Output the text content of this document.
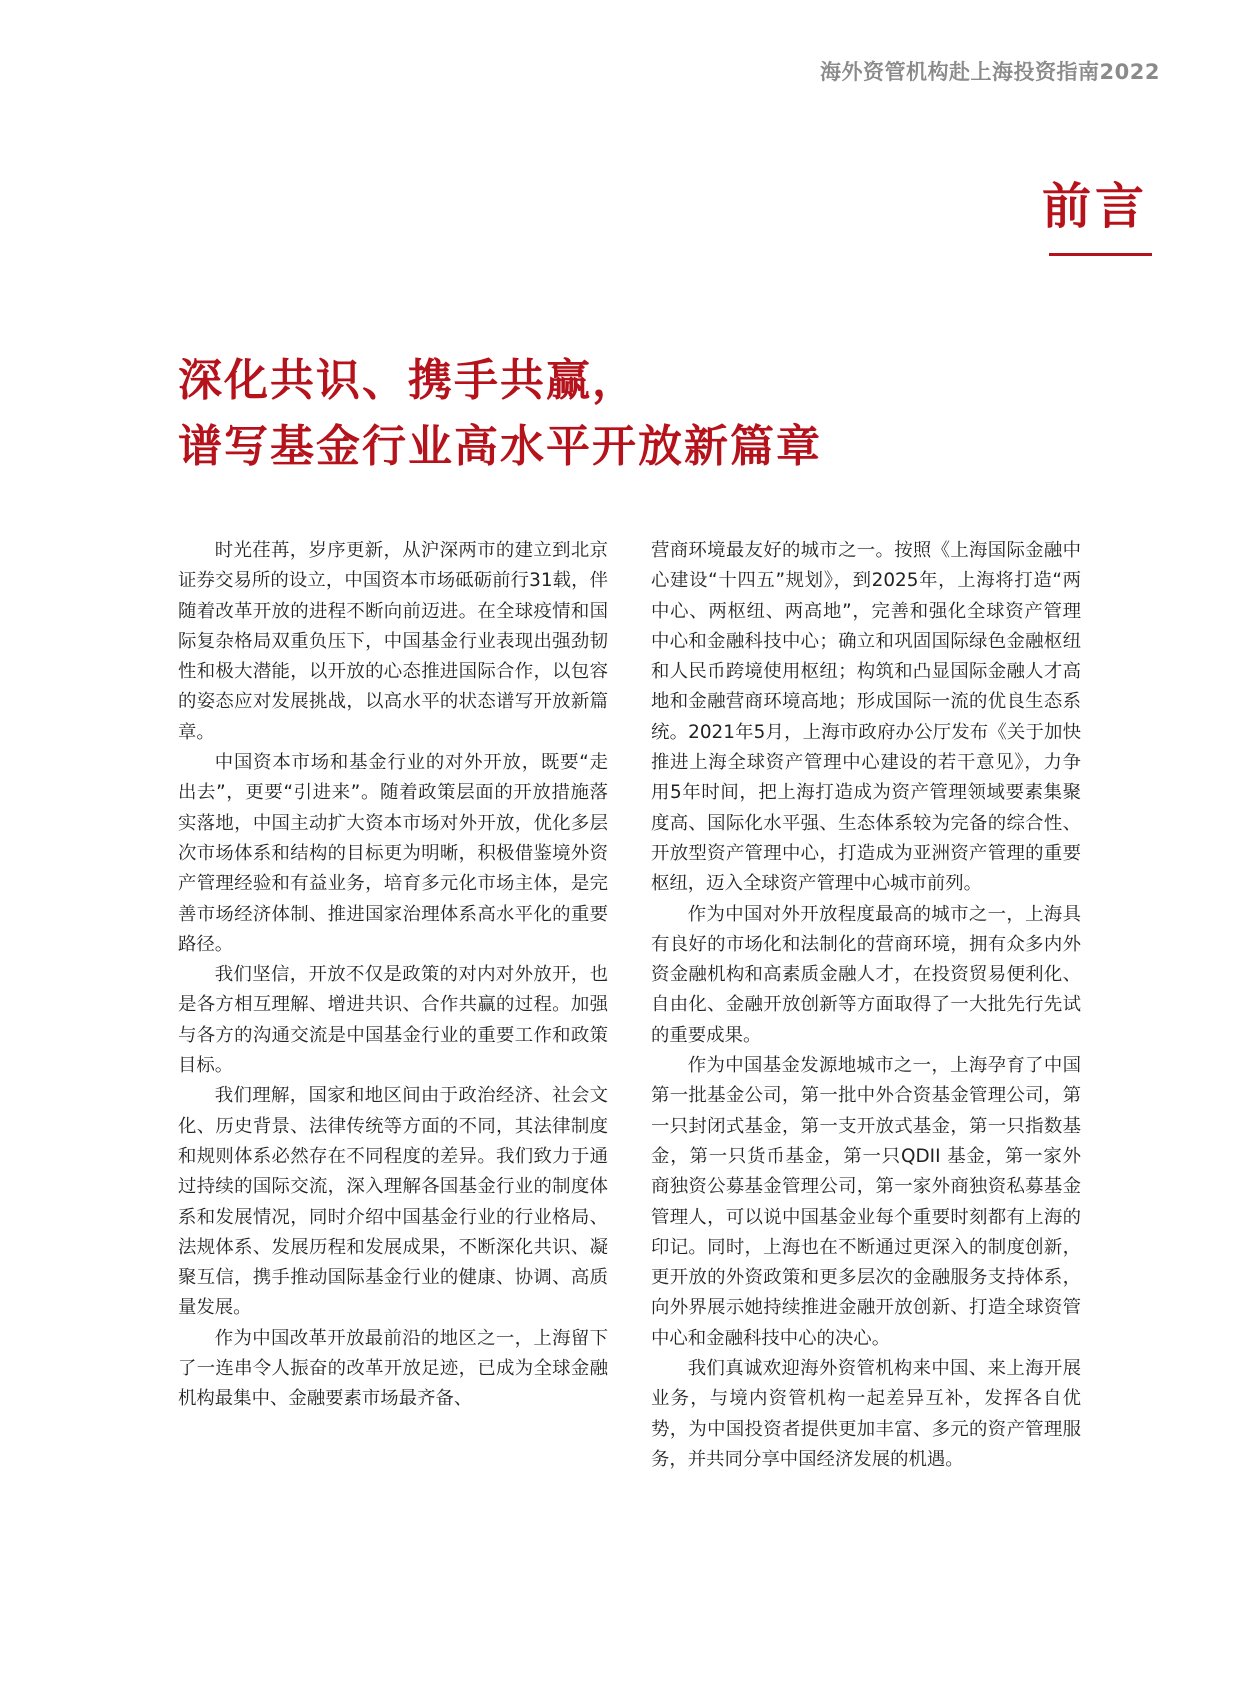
海外资管机构赴上海投资指南2022
前言
深化共识、携手共赢，
谱写基金行业高水平开放新篇章

时光荏苒，岁序更新，从沪深两市的建立到北京证券交易所的设立，中国资本市场砥砺前行31载，伴随着改革开放的进程不断向前迈进。在全球疫情和国际复杂格局双重负压下，中国基金行业表现出强劲韧性和极大潜能，以开放的心态推进国际合作，以包容的姿态应对发展挑战，以高水平的状态谱写开放新篇章。

中国资本市场和基金行业的对外开放，既要“走出去”，更要“引进来”。随着政策层面的开放措施落实落地，中国主动扩大资本市场对外开放，优化多层次市场体系和结构的目标更为明晰，积极借鉴境外资产管理经验和有益业务，培育多元化市场主体，是完善市场经济体制、推进国家治理体系高水平化的重要路径。

我们坚信，开放不仅是政策的对内对外放开，也是各方相互理解、增进共识、合作共赢的过程。加强与各方的沟通交流是中国基金行业的重要工作和政策目标。

我们理解，国家和地区间由于政治经济、社会文化、历史背景、法律传统等方面的不同，其法律制度和规则体系必然存在不同程度的差异。我们致力于通过持续的国际交流，深入理解各国基金行业的制度体系和发展情况，同时介绍中国基金行业的行业格局、法规体系、发展历程和发展成果，不断深化共识、凝聚互信，携手推动国际基金行业的健康、协调、高质量发展。

作为中国改革开放最前沿的地区之一，上海留下了一连串令人振奋的改革开放足迹，已成为全球金融机构最集中、金融要素市场最齐备、

营商环境最友好的城市之一。按照《上海国际金融中心建设“十四五”规划》，到2025年，上海将打造“两中心、两枢纽、两高地”，完善和强化全球资产管理中心和金融科技中心；确立和巩固国际绿色金融枢纽和人民币跨境使用枢纽；构筑和凸显国际金融人才高地和金融营商环境高地；形成国际一流的优良生态系统。2021年5月，上海市政府办公厅发布《关于加快推进上海全球资产管理中心建设的若干意见》，力争用5年时间，把上海打造成为资产管理领域要素集聚度高、国际化水平强、生态体系较为完备的综合性、开放型资产管理中心，打造成为亚洲资产管理的重要枢纽，迈入全球资产管理中心城市前列。

作为中国对外开放程度最高的城市之一，上海具有良好的市场化和法制化的营商环境，拥有众多内外资金融机构和高素质金融人才，在投资贸易便利化、自由化、金融开放创新等方面取得了一大批先行先试的重要成果。

作为中国基金发源地城市之一，上海孕育了中国第一批基金公司，第一批中外合资基金管理公司，第一只封闭式基金，第一支开放式基金，第一只指数基金，第一只货币基金，第一只QDII 基金，第一家外商独资公募基金管理公司，第一家外商独资私募基金管理人，可以说中国基金业每个重要时刻都有上海的印记。同时，上海也在不断通过更深入的制度创新，更开放的外资政策和更多层次的金融服务支持体系，向外界展示她持续推进金融开放创新、打造全球资管中心和金融科技中心的决心。

我们真诚欢迎海外资管机构来中国、来上海开展业务，与境内资管机构一起差异互补，发挥各自优势，为中国投资者提供更加丰富、多元的资产管理服务，并共同分享中国经济发展的机遇。
